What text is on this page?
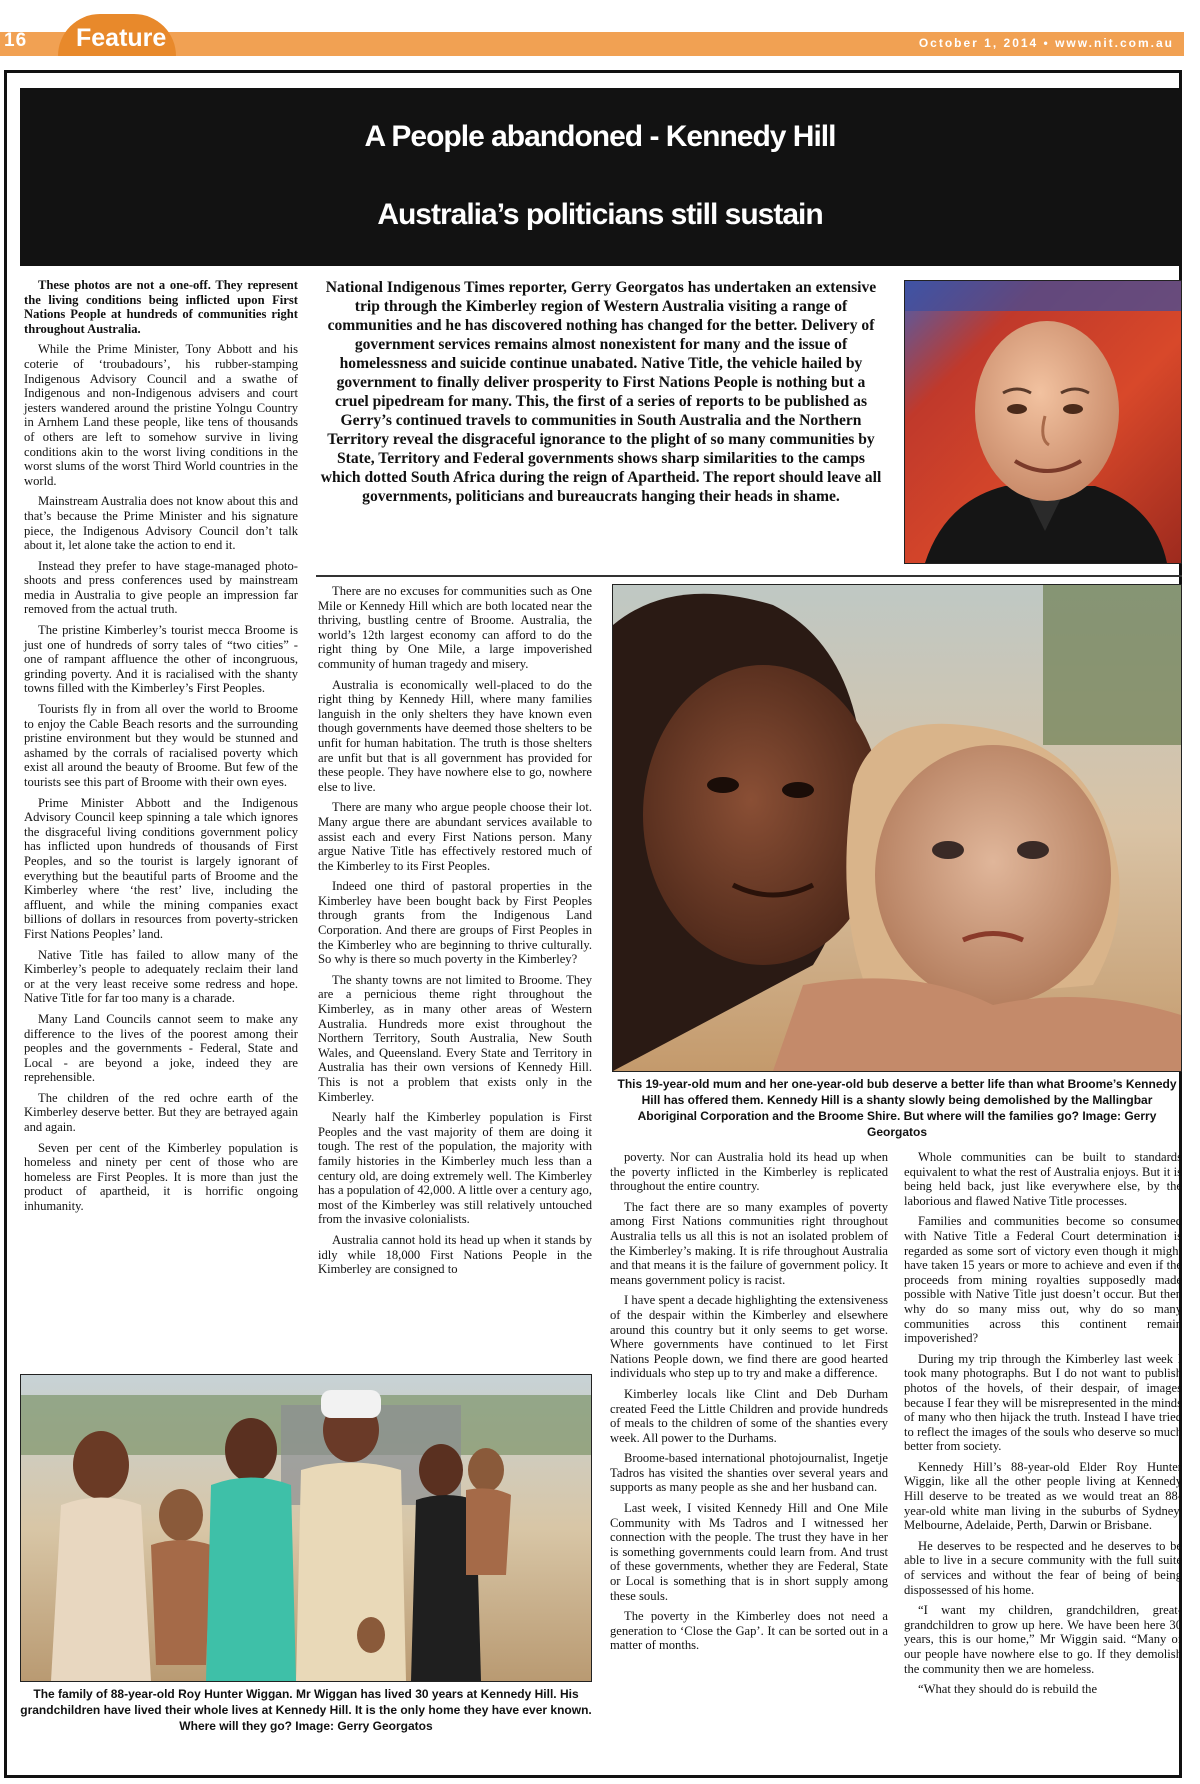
16 Feature	October 1, 2014 • www.nit.com.au
A People abandoned - Kennedy Hill
Australia’s politicians still sustain
National Indigenous Times reporter, Gerry Georgatos has undertaken an extensive trip through the Kimberley region of Western Australia visiting a range of communities and he has discovered nothing has changed for the better. Delivery of government services remains almost nonexistent for many and the issue of homelessness and suicide continue unabated. Native Title, the vehicle hailed by government to finally deliver prosperity to First Nations People is nothing but a cruel pipedream for many. This, the first of a series of reports to be published as Gerry’s continued travels to communities in South Australia and the Northern Territory reveal the disgraceful ignorance to the plight of so many communities by State, Territory and Federal governments shows sharp similarities to the camps which dotted South Africa during the reign of Apartheid. The report should leave all governments, politicians and bureaucrats hanging their heads in shame.
This 19-year-old mum and her one-year-old bub deserve a better life than what Broome’s Kennedy Hill has offered them. Kennedy Hill is a shanty slowly being demolished by the Mallingbar Aboriginal Corporation and the Broome Shire. But where will the families go? Image: Gerry Georgatos
The family of 88-year-old Roy Hunter Wiggan. Mr Wiggan has lived 30 years at Kennedy Hill. His grandchildren have lived their whole lives at Kennedy Hill. It is the only home they have ever known. Where will they go? Image: Gerry Georgatos

These photos are not a one-off. They represent the living conditions being inflicted upon First Nations People at hundreds of communities right throughout Australia.

While the Prime Minister, Tony Abbott and his coterie of ‘troubadours’, his rubber-stamping Indigenous Advisory Council and a swathe of Indigenous and non-Indigenous advisers and court jesters wandered around the pristine Yolngu Country in Arnhem Land these people, like tens of thousands of others are left to somehow survive in living conditions akin to the worst living conditions in the worst slums of the worst Third World countries in the world.

Mainstream Australia does not know about this and that’s because the Prime Minister and his signature piece, the Indigenous Advisory Council don’t talk about it, let alone take the action to end it.

Instead they prefer to have stage-managed photo-shoots and press conferences used by mainstream media in Australia to give people an impression far removed from the actual truth.

The pristine Kimberley’s tourist mecca Broome is just one of hundreds of sorry tales of “two cities” - one of rampant affluence the other of incongruous, grinding poverty. And it is racialised with the shanty towns filled with the Kimberley’s First Peoples.

Tourists fly in from all over the world to Broome to enjoy the Cable Beach resorts and the surrounding pristine environment but they would be stunned and ashamed by the corrals of racialised poverty which exist all around the beauty of Broome. But few of the tourists see this part of Broome with their own eyes.

Prime Minister Abbott and the Indigenous Advisory Council keep spinning a tale which ignores the disgraceful living conditions government policy has inflicted upon hundreds of thousands of First Peoples, and so the tourist is largely ignorant of everything but the beautiful parts of Broome and the Kimberley where ‘the rest’ live, including the affluent, and while the mining companies exact billions of dollars in resources from poverty-stricken First Nations Peoples’ land.

Native Title has failed to allow many of the Kimberley’s people to adequately reclaim their land or at the very least receive some redress and hope. Native Title for far too many is a charade.

Many Land Councils cannot seem to make any difference to the lives of the poorest among their peoples and the governments - Federal, State and Local - are beyond a joke, indeed they are reprehensible.

The children of the red ochre earth of the Kimberley deserve better. But they are betrayed again and again.

Seven per cent of the Kimberley population is homeless and ninety per cent of those who are homeless are First Peoples. It is more than just the product of apartheid, it is horrific ongoing inhumanity.

There are no excuses for communities such as One Mile or Kennedy Hill which are both located near the thriving, bustling centre of Broome. Australia, the world’s 12th largest economy can afford to do the right thing by One Mile, a large impoverished community of human tragedy and misery.

Australia is economically well-placed to do the right thing by Kennedy Hill, where many families languish in the only shelters they have known even though governments have deemed those shelters to be unfit for human habitation. The truth is those shelters are unfit but that is all government has provided for these people. They have nowhere else to go, nowhere else to live.

There are many who argue people choose their lot. Many argue there are abundant services available to assist each and every First Nations person. Many argue Native Title has effectively restored much of the Kimberley to its First Peoples.

Indeed one third of pastoral properties in the Kimberley have been bought back by First Peoples through grants from the Indigenous Land Corporation. And there are groups of First Peoples in the Kimberley who are beginning to thrive culturally. So why is there so much poverty in the Kimberley?

The shanty towns are not limited to Broome. They are a pernicious theme right throughout the Kimberley, as in many other areas of Western Australia. Hundreds more exist throughout the Northern Territory, South Australia, New South Wales, and Queensland. Every State and Territory in Australia has their own versions of Kennedy Hill. This is not a problem that exists only in the Kimberley.

Nearly half the Kimberley population is First Peoples and the vast majority of them are doing it tough. The rest of the population, the majority with family histories in the Kimberley much less than a century old, are doing extremely well. The Kimberley has a population of 42,000. A little over a century ago, most of the Kimberley was still relatively untouched from the invasive colonialists.

Australia cannot hold its head up when it stands by idly while 18,000 First Nations People in the Kimberley are consigned to

poverty. Nor can Australia hold its head up when the poverty inflicted in the Kimberley is replicated throughout the entire country.

The fact there are so many examples of poverty among First Nations communities right throughout Australia tells us all this is not an isolated problem of the Kimberley’s making. It is rife throughout Australia and that means it is the failure of government policy. It means government policy is racist.

I have spent a decade highlighting the extensiveness of the despair within the Kimberley and elsewhere around this country but it only seems to get worse. Where governments have continued to let First Nations People down, we find there are good hearted individuals who step up to try and make a difference.

Kimberley locals like Clint and Deb Durham created Feed the Little Children and provide hundreds of meals to the children of some of the shanties every week. All power to the Durhams.

Broome-based international photojournalist, Ingetje Tadros has visited the shanties over several years and supports as many people as she and her husband can.

Last week, I visited Kennedy Hill and One Mile Community with Ms Tadros and I witnessed her connection with the people. The trust they have in her is something governments could learn from. And trust of these governments, whether they are Federal, State or Local is something that is in short supply among these souls.

The poverty in the Kimberley does not need a generation to ‘Close the Gap’. It can be sorted out in a matter of months.

Whole communities can be built to standards equivalent to what the rest of Australia enjoys. But it is being held back, just like everywhere else, by the laborious and flawed Native Title processes.

Families and communities become so consumed with Native Title a Federal Court determination is regarded as some sort of victory even though it might have taken 15 years or more to achieve and even if the proceeds from mining royalties supposedly made possible with Native Title just doesn’t occur. But then why do so many miss out, why do so many communities across this continent remain impoverished?

During my trip through the Kimberley last week I took many photographs. But I do not want to publish photos of the hovels, of their despair, of images because I fear they will be misrepresented in the minds of many who then hijack the truth. Instead I have tried to reflect the images of the souls who deserve so much better from society.

Kennedy Hill’s 88-year-old Elder Roy Hunter Wiggin, like all the other people living at Kennedy Hill deserve to be treated as we would treat an 88-year-old white man living in the suburbs of Sydney, Melbourne, Adelaide, Perth, Darwin or Brisbane.

He deserves to be respected and he deserves to be able to live in a secure community with the full suite of services and without the fear of being of being dispossessed of his home.

“I want my children, grandchildren, great-grandchildren to grow up here. We have been here 30 years, this is our home,” Mr Wiggin said. “Many of our people have nowhere else to go. If they demolish the community then we are homeless.

“What they should do is rebuild the
